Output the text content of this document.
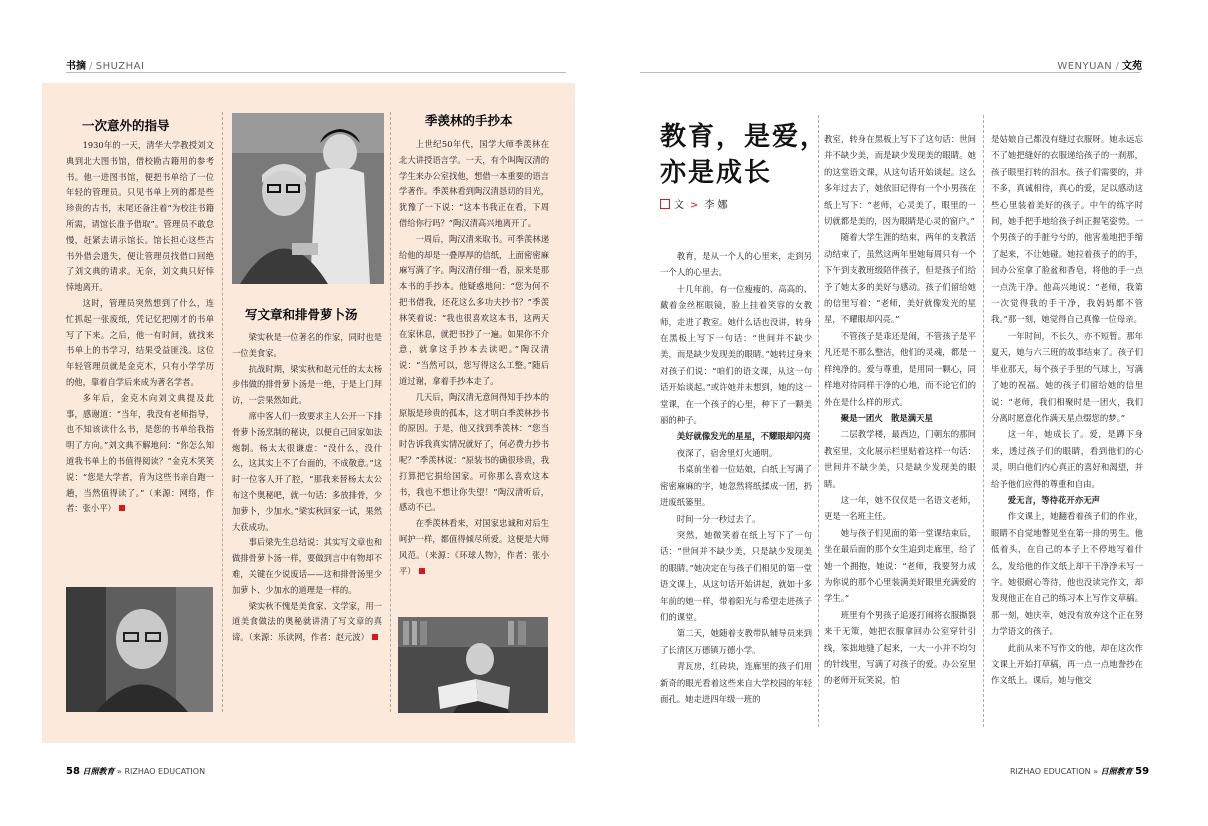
书摘 / SHUZHAI	WENYUAN / 文苑
一次意外的指导

1930年的一天，清华大学教授刘文典到北大图书馆，借校勘古籍用的参考书。他一进图书馆，便把书单给了一位年轻的管理员。只见书单上列的都是些珍贵的古书，末尾还备注着“为校注书籍所需，请馆长准予借取”。管理员不敢怠慢，赶紧去请示馆长。馆长担心这些古书外借会遗失，便让管理员找借口回绝了刘文典的请求。无奈，刘文典只好悻悻地离开。

这时，管理员突然想到了什么，连忙抓起一张废纸，凭记忆把刚才的书单写了下来。之后，他一有时间，就找来书单上的书学习，结果受益匪浅。这位年轻管理员就是金克木，只有小学学历的他，靠着自学后来成为著名学者。

多年后，金克木向刘文典提及此事，感谢道：“当年，我没有老师指导，也不知该读什么书，是您的书单给我指明了方向。”刘文典不解地问：“你怎么知道我书单上的书值得阅读？”金克木笑笑说：“您是大学者，肯为这些书亲自跑一趟，当然值得读了。”（来源：网络，作者：张小平）

写文章和排骨萝卜汤

梁实秋是一位著名的作家，同时也是一位美食家。

抗战时期，梁实秋和赵元任的太太杨步伟做的排骨萝卜汤是一绝，于是上门拜访，一尝果然如此。

席中客人们一致要求主人公开一下排骨萝卜汤烹制的秘诀，以便自己回家如法炮制。杨太太很谦虚：“没什么，没什么，这其实上不了台面的，不成敬意。”这时一位客人开了腔，“那我来替杨太太公布这个奥秘吧，就一句话：多放排骨，少加萝卜，少加水。”梁实秋回家一试，果然大获成功。

事后梁先生总结说：其实写文章也和做排骨萝卜汤一样，要做到言中有物却不难，关键在少说废话——这和排骨汤里少加萝卜、少加水的道理是一样的。

梁实秋不愧是美食家、文学家，用一道美食做法的奥秘就讲清了写文章的真谛。（来源：乐读网，作者：赵元波）

季羡林的手抄本

上世纪50年代，国学大师季羡林在北大讲授语言学。一天，有个叫陶汉清的学生来办公室找他，想借一本重要的语言学著作。季羡林看到陶汉清恳切的目光，犹豫了一下说：“这本书我正在看，下周借给你行吗？”陶汉清高兴地离开了。

一周后，陶汉清来取书。可季羡林递给他的却是一叠厚厚的信纸，上面密密麻麻写满了字。陶汉清仔细一看，原来是那本书的手抄本。他疑惑地问：“您为何不把书借我，还花这么多功夫抄书？”季羡林笑着说：“我也很喜欢这本书，这两天在家休息，就把书抄了一遍。如果你不介意，就拿这手抄本去读吧。”陶汉清说：“当然可以，您写得这么工整。”随后道过谢，拿着手抄本走了。

几天后，陶汉清无意间得知手抄本的原版是珍贵的孤本，这才明白季羡林抄书的原因。于是，他又找到季羡林：“您当时告诉我真实情况就好了，何必费力抄书呢？”季羡林说：“原装书的确很珍贵，我打算把它捐给国家。可你那么喜欢这本书，我也不想让你失望！”陶汉清听后，感动不已。

在季羡林看来，对国家忠诚和对后生呵护一样，都值得倾尽所爱。这便是大师风范。（来源：《环球人物》，作者：张小平）

教育，是爱，
亦是成长
文 > 李 娜

教育，是从一个人的心里来，走到另一个人的心里去。

十几年前，有一位瘦瘦的、高高的、戴着金丝框眼镜，脸上挂着笑容的女教师，走进了教室。她什么话也没讲，转身在黑板上写下一句话：“世间并不缺少美，而是缺少发现美的眼睛。”她转过身来对孩子们说：“咱们的语文课，从这一句话开始谈起。”或许她并未想到，她的这一堂课，在一个孩子的心里，种下了一颗美丽的种子。

美好就像发光的星星，不耀眼却闪亮

夜深了，宿舍里灯火通明。

书桌前坐着一位姑娘，白纸上写满了密密麻麻的字，她忽然将纸揉成一团，扔进废纸篓里。

时间一分一秒过去了。

突然，她微笑着在纸上写下了一句话：“世间并不缺少美，只是缺少发现美的眼睛。”她决定在与孩子们相见的第一堂语文课上，从这句话开始讲起，就如十多年前的她一样，带着阳光与希望走进孩子们的课堂。

第二天，她随着支教带队辅导员来到了长清区万德镇万德小学。

青瓦房，红砖块，连廊里的孩子们用新奇的眼光看着这些来自大学校园的年轻面孔。她走进四年级一班的

教室，转身在黑板上写下了这句话：世间并不缺少美，而是缺少发现美的眼睛。她的这堂语文课，从这句话开始谈起。这么多年过去了，她依旧记得有一个小男孩在纸上写下：“老师，心灵美了，眼里的一切就都是美的，因为眼睛是心灵的窗户。”

随着大学生涯的结束，两年的支教活动结束了，虽然这两年里她每周只有一个下午到支教班级陪伴孩子，但是孩子们给予了她太多的美好与感动。孩子们留给她的信里写着：“老师，美好就像发光的星星，不耀眼却闪亮。”

不管孩子是乖还是闹，不管孩子是平凡还是不那么整洁，他们的灵魂，都是一样纯净的。爱与尊重，是用同一颗心，同样地对待同样干净的心地，而不论它们的外在是什么样的形式。

聚是一团火　散是满天星

二层教学楼，最西边，门朝东的那间教室里，文化展示栏里贴着这样一句话：世间并不缺少美，只是缺少发现美的眼睛。

这一年，她不仅仅是一名语文老师，更是一名班主任。

她与孩子们见面的第一堂课结束后，坐在最后面的那个女生追到走廊里，给了她一个拥抱，她说：“老师，我要努力成为你说的那个心里装满美好眼里充满爱的学生。”

班里有个男孩子追逐打闹将衣服撕裂来干无策，她把衣服拿回办公室穿针引线，笨拙地缝了起来，一大一小并不均匀的针线里，写满了对孩子的爱。办公室里的老师开玩笑说，怕

是姑娘自己都没有缝过衣服呀。她永远忘不了她把缝好的衣服递给孩子的一刹那，孩子眼里打转的泪水。孩子们需要的，并不多，真诚相待，真心的爱，足以感动这些心里装着美好的孩子。中午的练字时间，她手把手地给孩子纠正握笔姿势。一个男孩子的手脏兮兮的，他害羞地把手缩了起来，不让她碰。她拉着孩子的的手，回办公室拿了脸盆和香皂，将他的手一点一点洗干净。他高兴地说：“老师，我第一次觉得我的手干净，我妈妈都不管我。”那一刻，她觉得自己真像一位母亲。

一年时间，不长久，亦不短暂。那年夏天，她与六三班的故事结束了。孩子们毕业那天，每个孩子手里的气球上，写满了她的祝福。她的孩子们留给她的信里说：“老师，我们相聚时是一团火，我们分离时愿意化作满天星点缀您的梦。”

这一年，她成长了。爱，是蹲下身来，透过孩子们的眼睛，看到他们的心灵，明白他们内心真正的喜好和渴望，并给予他们应得的尊重和自由。

爱无言，等待花开亦无声

作文课上，她翻看着孩子们的作业，眼睛不自觉地瞥见坐在第一排的男生。他低着头，在自己的本子上不停地写着什么，发给他的作文纸上却干干净净未写一字。她很耐心等待，他也没读完作文，却发现他正在自己的练习本上写作文草稿。那一刻，她庆幸，她没有放弃这个正在努力学语文的孩子。

此前从来不写作文的他，却在这次作文课上开始打草稿，再一点一点地誊抄在作文纸上。课后，她与他交

58 日照教育 » RIZHAO EDUCATION	RIZHAO EDUCATION » 日照教育 59
